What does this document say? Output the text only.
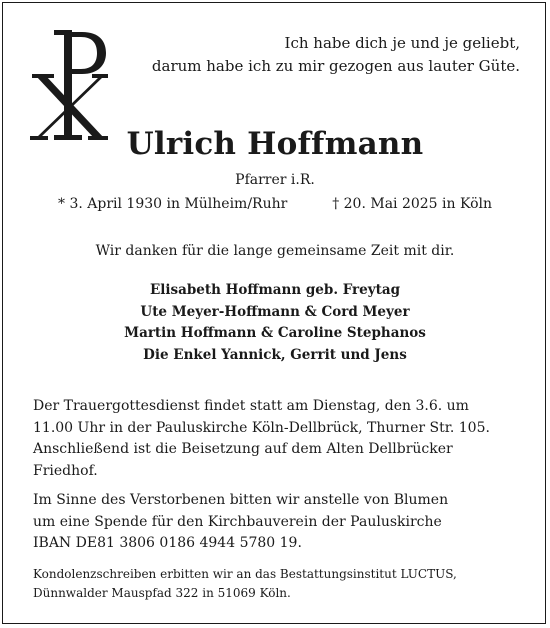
Ich habe dich je und je geliebt,
darum habe ich zu mir gezogen aus lauter Güte.
Ulrich Hoffmann
Pfarrer i.R.
* 3. April 1930 in Mülheim/Ruhr	† 20. Mai 2025 in Köln
Wir danken für die lange gemeinsame Zeit mit dir.
Elisabeth Hoffmann geb. Freytag
Ute Meyer-Hoffmann & Cord Meyer
Martin Hoffmann & Caroline Stephanos
Die Enkel Yannick, Gerrit und Jens
Der Trauergottesdienst findet statt am Dienstag, den 3.6. um
11.00 Uhr in der Pauluskirche Köln-Dellbrück, Thurner Str. 105.
Anschließend ist die Beisetzung auf dem Alten Dellbrücker
Friedhof.
Im Sinne des Verstorbenen bitten wir anstelle von Blumen
um eine Spende für den Kirchbauverein der Pauluskirche
IBAN DE81 3806 0186 4944 5780 19.
Kondolenzschreiben erbitten wir an das Bestattungsinstitut LUCTUS,
Dünnwalder Mauspfad 322 in 51069 Köln.
